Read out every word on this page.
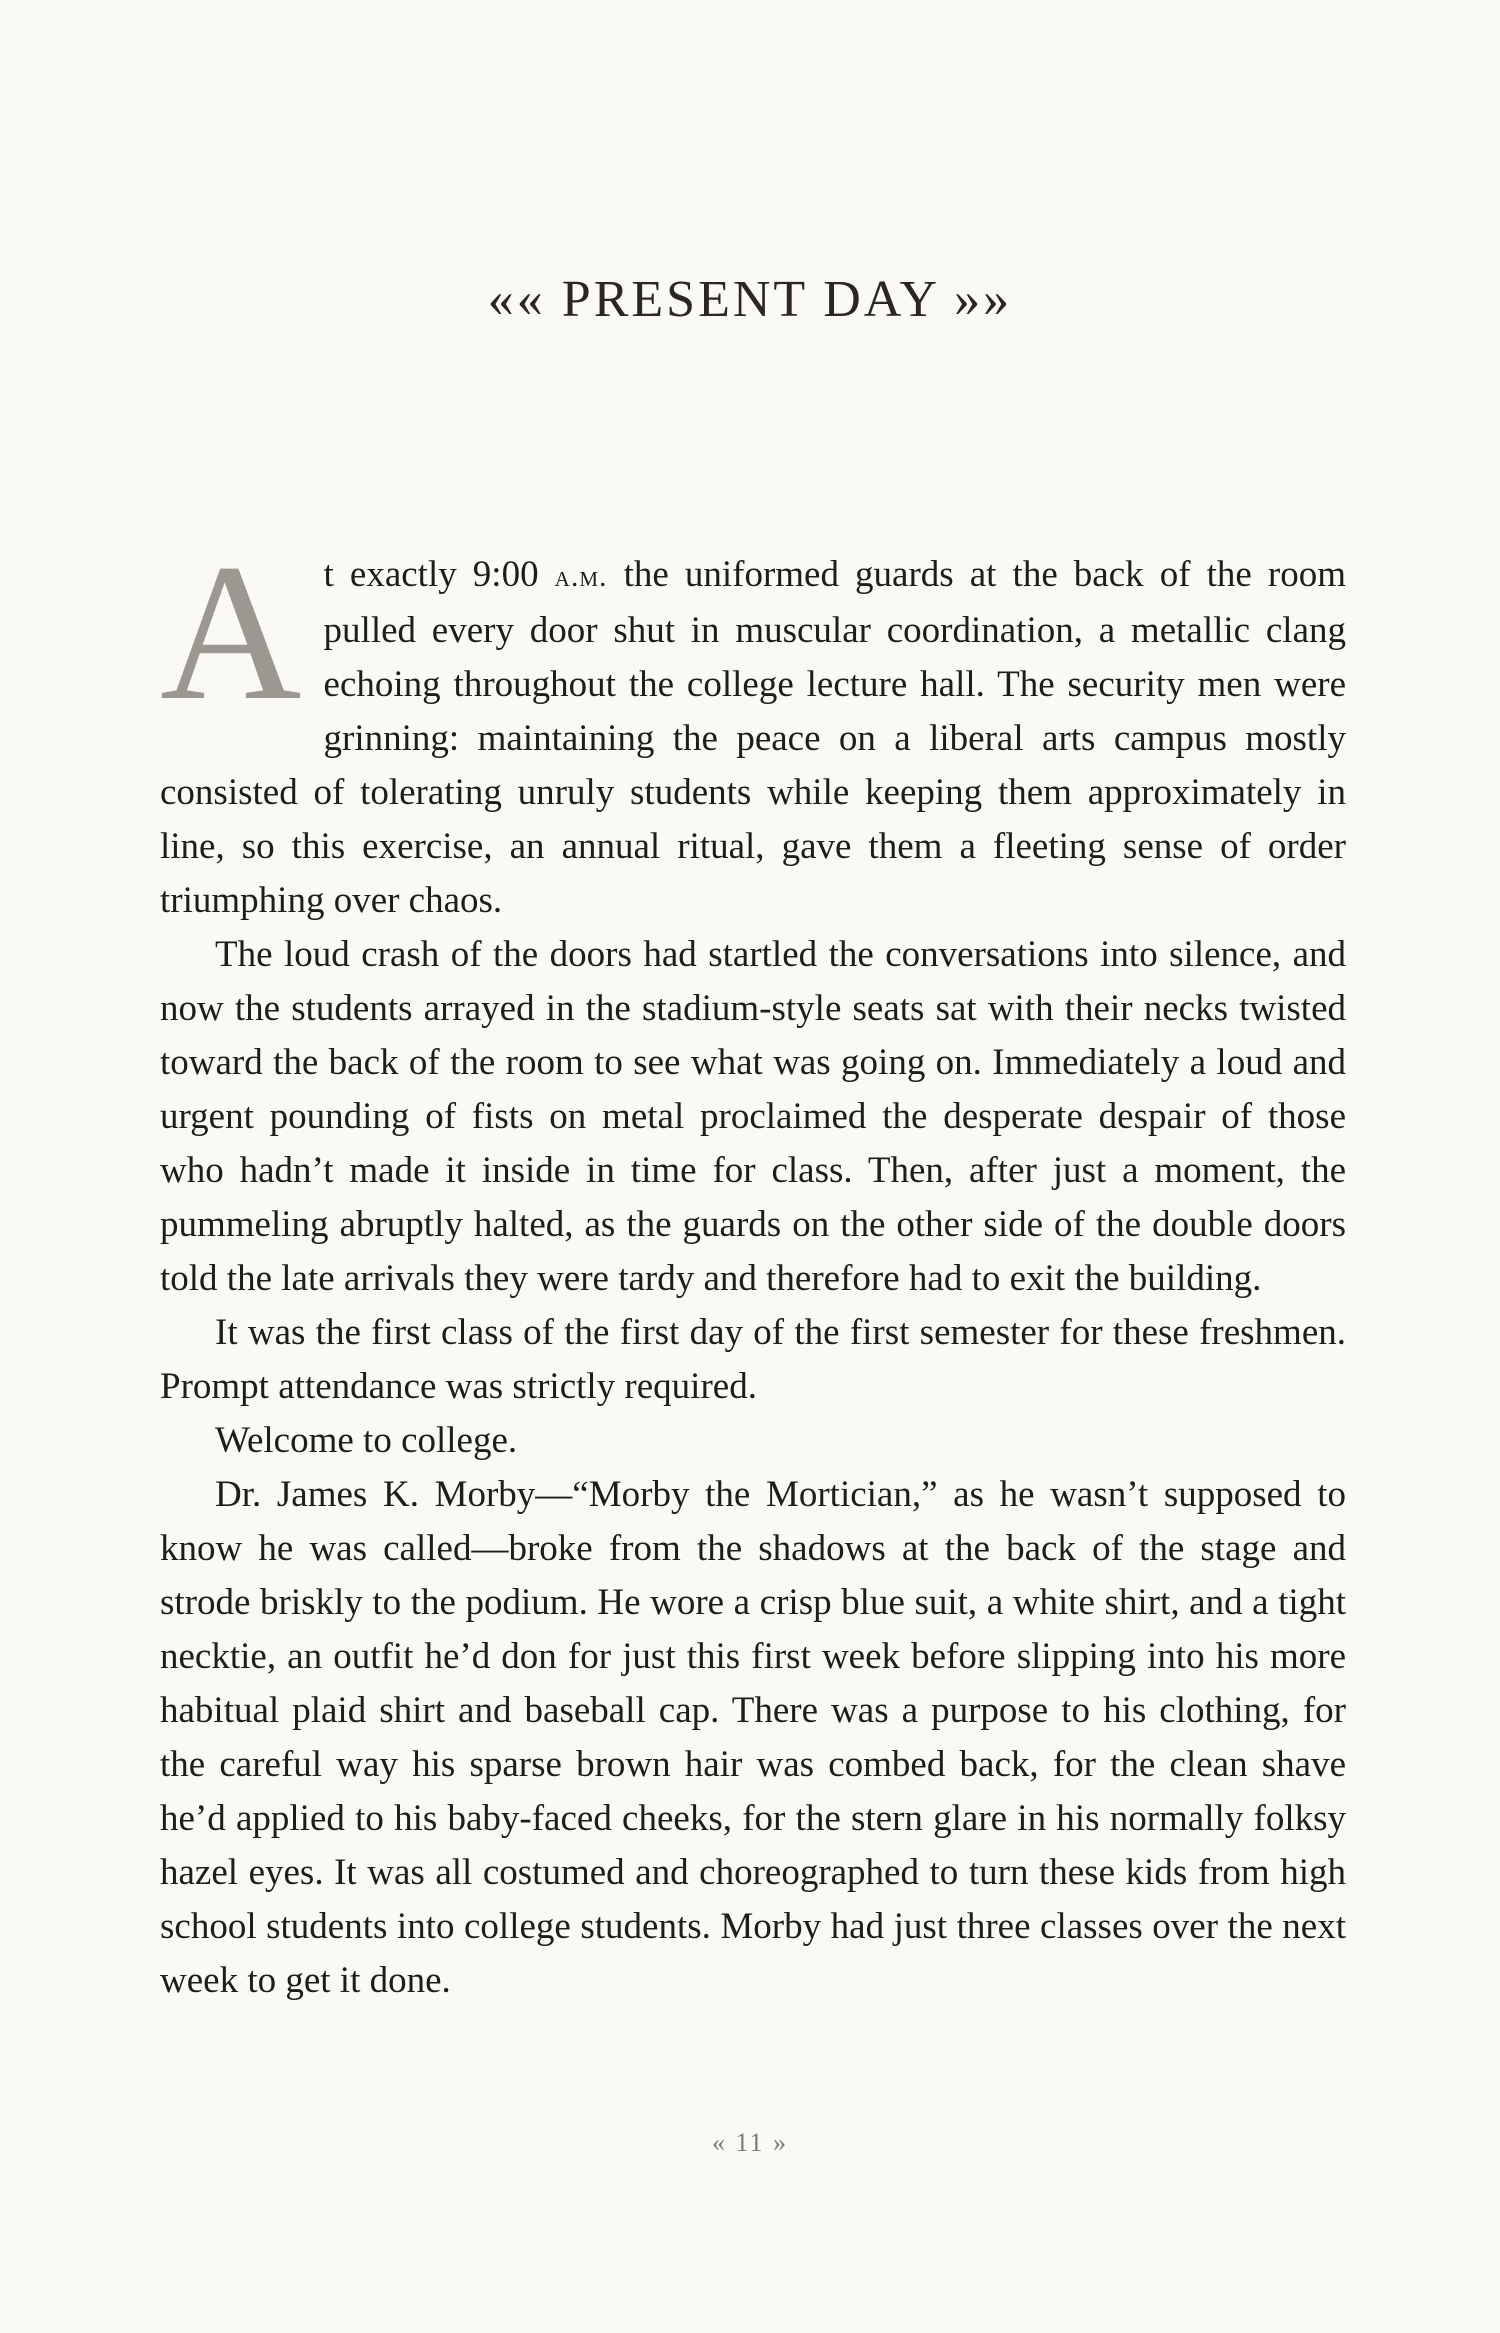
«« PRESENT DAY »»

At exactly 9:00 a.m. the uniformed guards at the back of the room pulled every door shut in muscular coordination, a metallic clang echoing throughout the college lecture hall. The security men were grinning: maintaining the peace on a liberal arts campus mostly consisted of tolerating unruly students while keeping them approximately in line, so this exercise, an annual ritual, gave them a fleeting sense of order triumphing over chaos.

The loud crash of the doors had startled the conversations into silence, and now the students arrayed in the stadium-style seats sat with their necks twisted toward the back of the room to see what was going on. Immediately a loud and urgent pounding of fists on metal proclaimed the desperate despair of those who hadn’t made it inside in time for class. Then, after just a moment, the pummeling abruptly halted, as the guards on the other side of the double doors told the late arrivals they were tardy and therefore had to exit the building.

It was the first class of the first day of the first semester for these freshmen. Prompt attendance was strictly required.

Welcome to college.

Dr. James K. Morby—“Morby the Mortician,” as he wasn’t supposed to know he was called—broke from the shadows at the back of the stage and strode briskly to the podium. He wore a crisp blue suit, a white shirt, and a tight necktie, an outfit he’d don for just this first week before slipping into his more habitual plaid shirt and baseball cap. There was a purpose to his clothing, for the careful way his sparse brown hair was combed back, for the clean shave he’d applied to his baby-faced cheeks, for the stern glare in his normally folksy hazel eyes. It was all costumed and choreographed to turn these kids from high school students into college students. Morby had just three classes over the next week to get it done.

« 11 »
